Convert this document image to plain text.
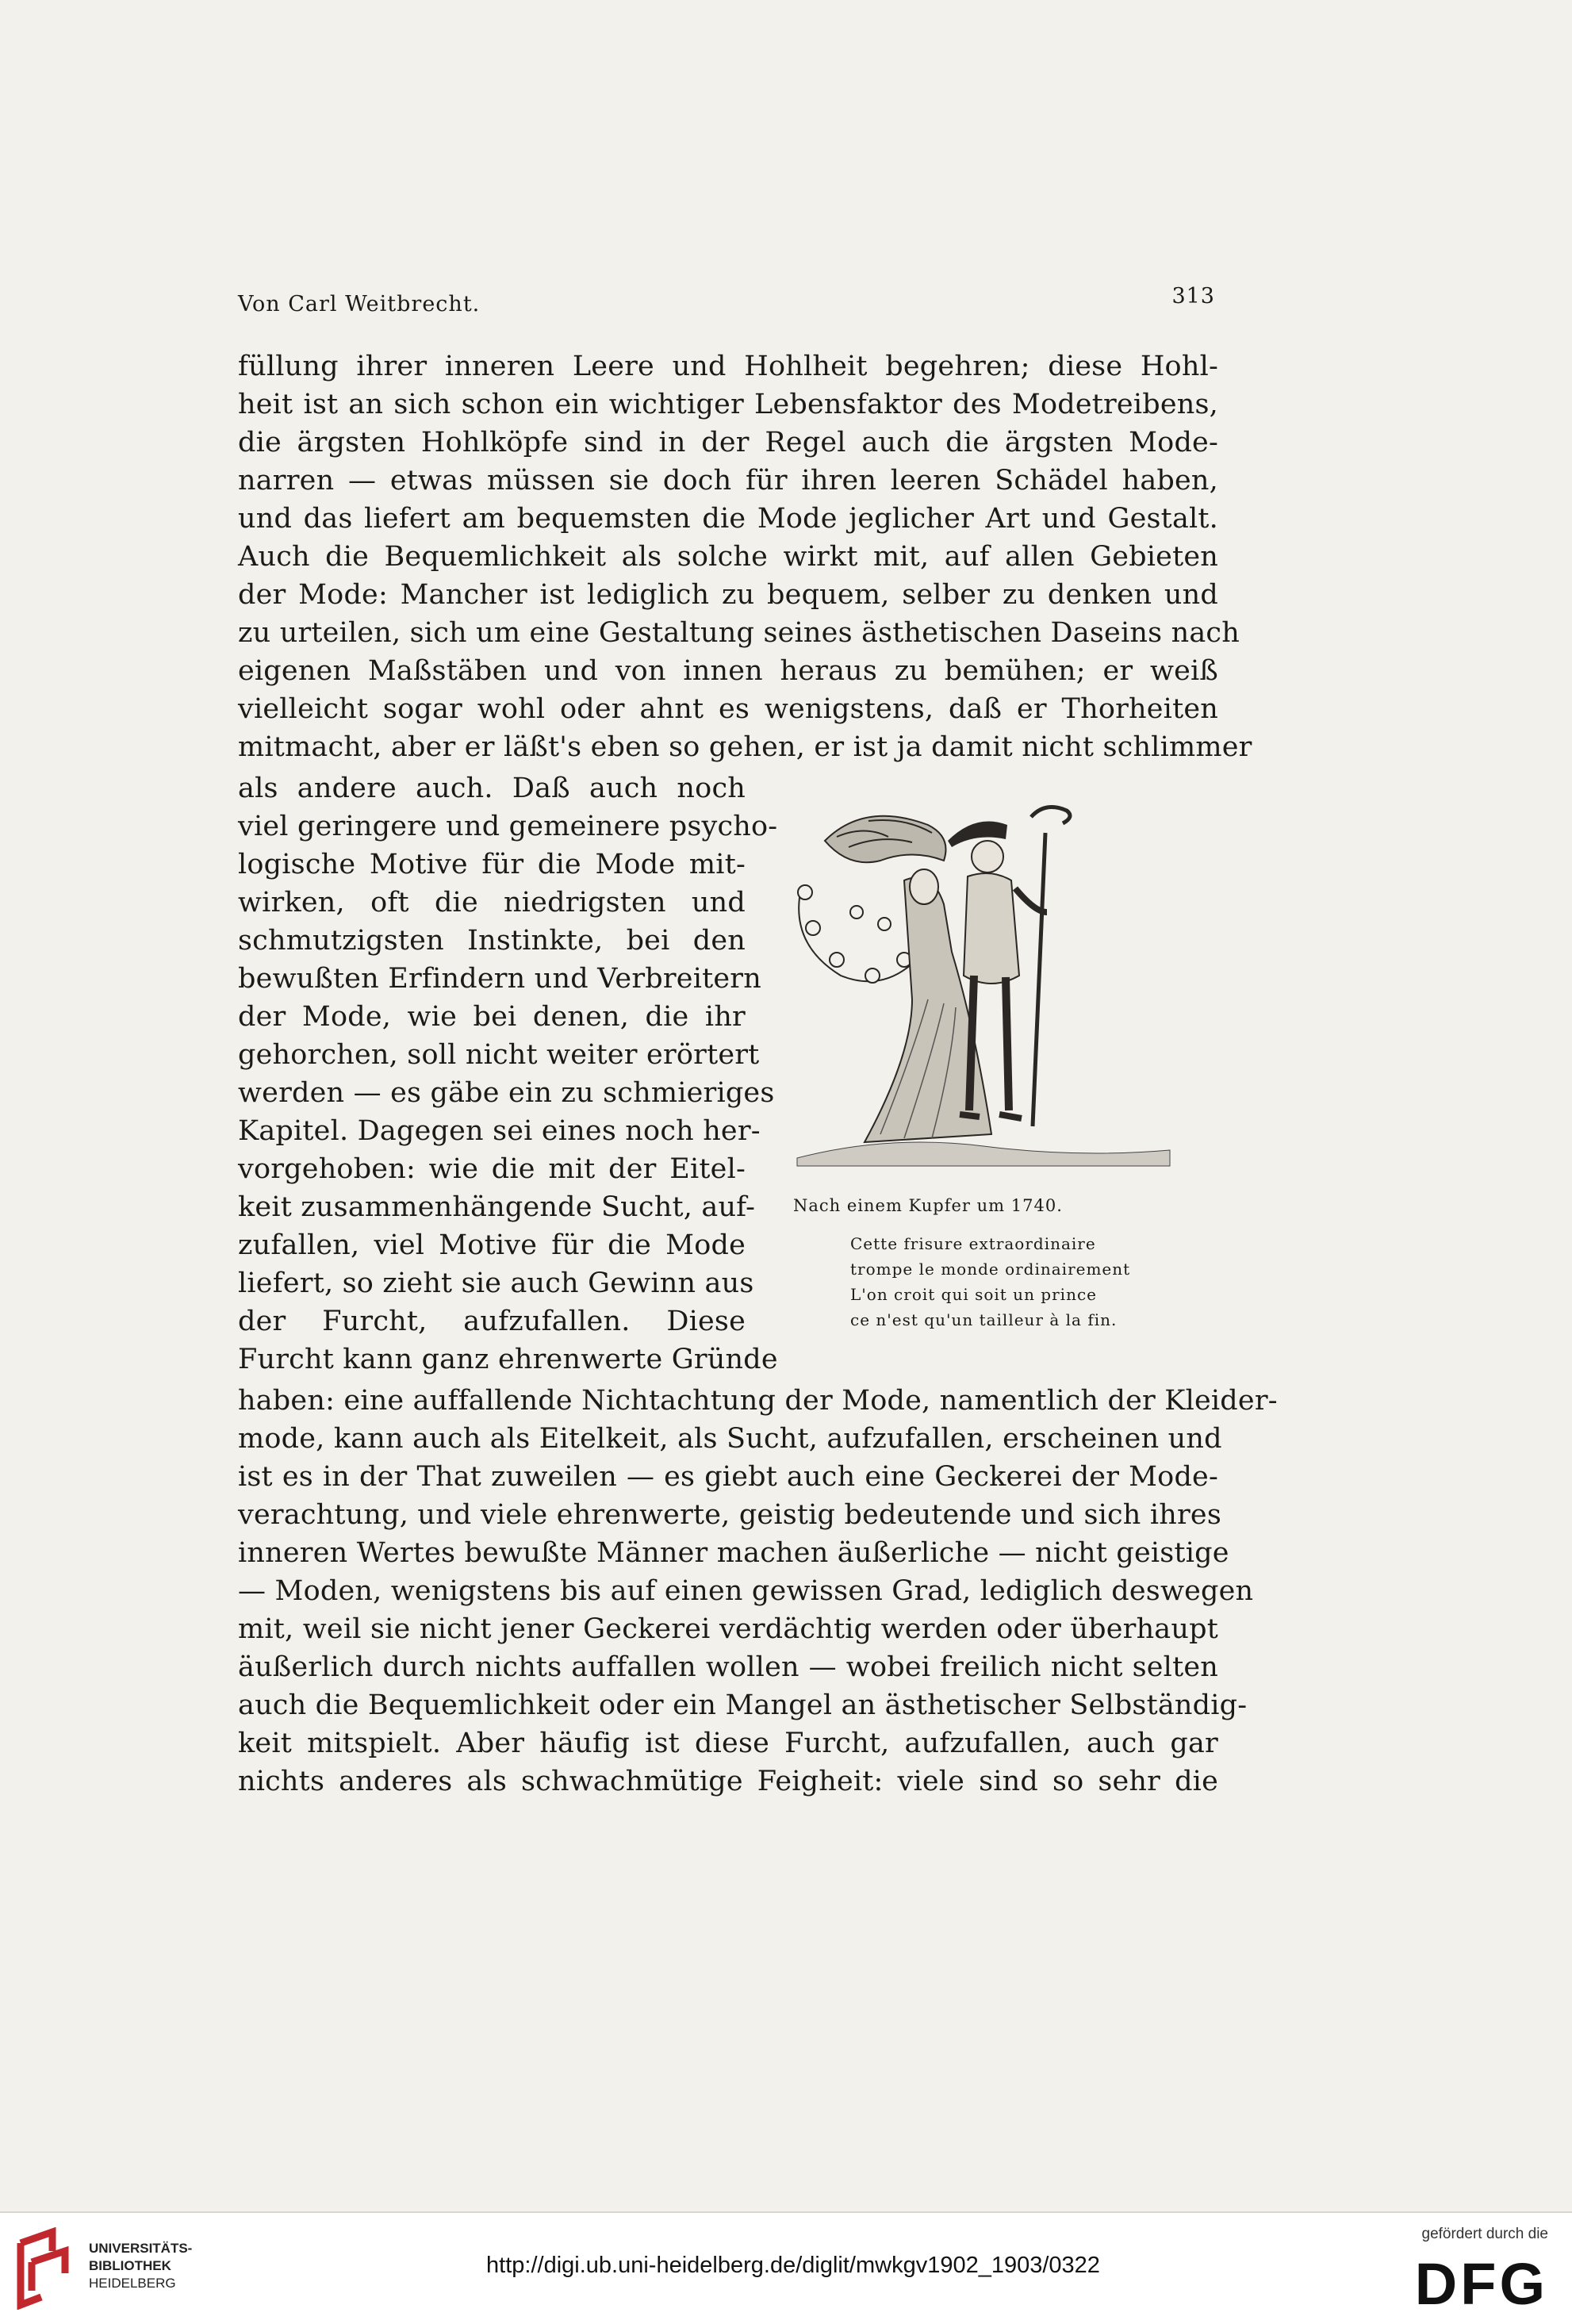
Von Carl Weitbrecht.	313
füllung ihrer inneren Leere und Hohlheit begehren; diese Hohl-
heit ist an sich schon ein wichtiger Lebensfaktor des Modetreibens,
die ärgsten Hohlköpfe sind in der Regel auch die ärgsten Mode-
narren — etwas müssen sie doch für ihren leeren Schädel haben,
und das liefert am bequemsten die Mode jeglicher Art und Gestalt.
Auch die Bequemlichkeit als solche wirkt mit, auf allen Gebieten
der Mode: Mancher ist lediglich zu bequem, selber zu denken und
zu urteilen, sich um eine Gestaltung seines ästhetischen Daseins nach
eigenen Maßstäben und von innen heraus zu bemühen; er weiß
vielleicht sogar wohl oder ahnt es wenigstens, daß er Thorheiten
mitmacht, aber er läßt's eben so gehen, er ist ja damit nicht schlimmer
als andere auch. Daß auch noch
viel geringere und gemeinere psycho-
logische Motive für die Mode mit-
wirken, oft die niedrigsten und
schmutzigsten Instinkte, bei den
bewußten Erfindern und Verbreitern
der Mode, wie bei denen, die ihr
gehorchen, soll nicht weiter erörtert
werden — es gäbe ein zu schmieriges
Kapitel. Dagegen sei eines noch her-
vorgehoben: wie die mit der Eitel-
keit zusammenhängende Sucht, auf-
zufallen, viel Motive für die Mode
liefert, so zieht sie auch Gewinn aus
der Furcht, aufzufallen. Diese
Furcht kann ganz ehrenwerte Gründe
Nach einem Kupfer um 1740.
Cette frisure extraordinaire
trompe le monde ordinairement
L'on croit qui soit un prince
ce n'est qu'un tailleur à la fin.
haben: eine auffallende Nichtachtung der Mode, namentlich der Kleider-
mode, kann auch als Eitelkeit, als Sucht, aufzufallen, erscheinen und
ist es in der That zuweilen — es giebt auch eine Geckerei der Mode-
verachtung, und viele ehrenwerte, geistig bedeutende und sich ihres
inneren Wertes bewußte Männer machen äußerliche — nicht geistige
— Moden, wenigstens bis auf einen gewissen Grad, lediglich deswegen
mit, weil sie nicht jener Geckerei verdächtig werden oder überhaupt
äußerlich durch nichts auffallen wollen — wobei freilich nicht selten
auch die Bequemlichkeit oder ein Mangel an ästhetischer Selbständig-
keit mitspielt. Aber häufig ist diese Furcht, aufzufallen, auch gar
nichts anderes als schwachmütige Feigheit: viele sind so sehr die
UNIVERSITÄTS-
BIBLIOTHEK
HEIDELBERG
http://digi.ub.uni-heidelberg.de/diglit/mwkgv1902_1903/0322
gefördert durch die
DFG
